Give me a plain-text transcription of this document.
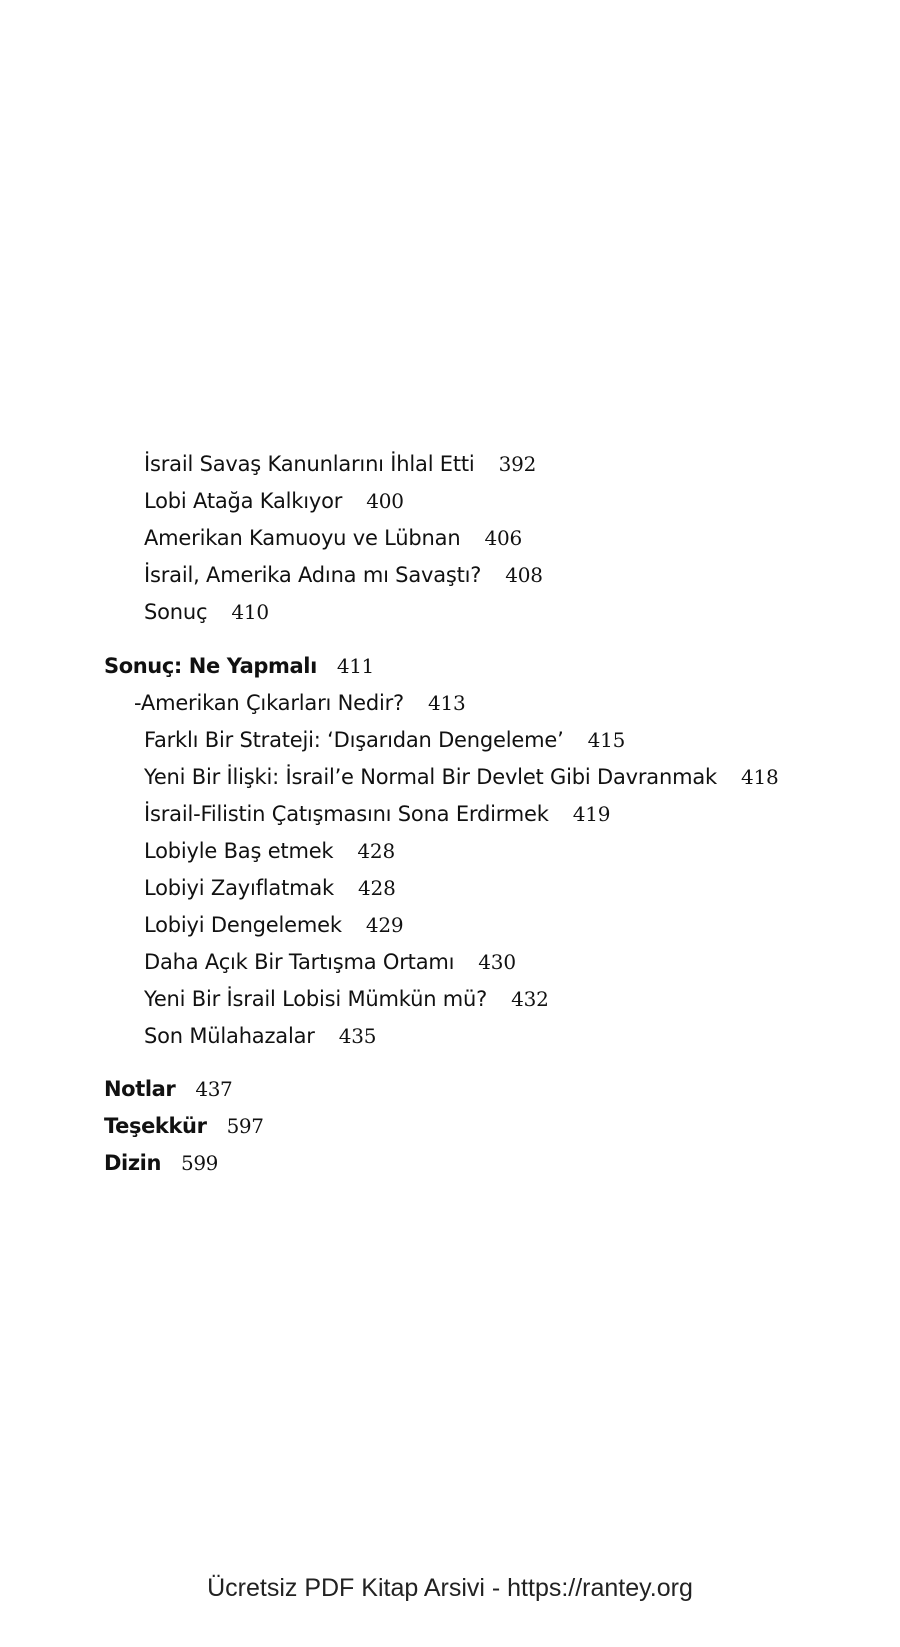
İsrail Savaş Kanunlarını İhlal Etti 392
Lobi Atağa Kalkıyor 400
Amerikan Kamuoyu ve Lübnan 406
İsrail, Amerika Adına mı Savaştı? 408
Sonuç 410
Sonuç: Ne Yapmalı 411
‐Amerikan Çıkarları Nedir? 413
Farklı Bir Strateji: ‘Dışarıdan Dengeleme’ 415
Yeni Bir İlişki: İsrail’e Normal Bir Devlet Gibi Davranmak 418
İsrail-Filistin Çatışmasını Sona Erdirmek 419
Lobiyle Baş etmek 428
Lobiyi Zayıflatmak 428
Lobiyi Dengelemek 429
Daha Açık Bir Tartışma Ortamı 430
Yeni Bir İsrail Lobisi Mümkün mü? 432
Son Mülahazalar 435
Notlar 437
Teşekkür 597
Dizin 599
Ücretsiz PDF Kitap Arsivi - https://rantey.org
